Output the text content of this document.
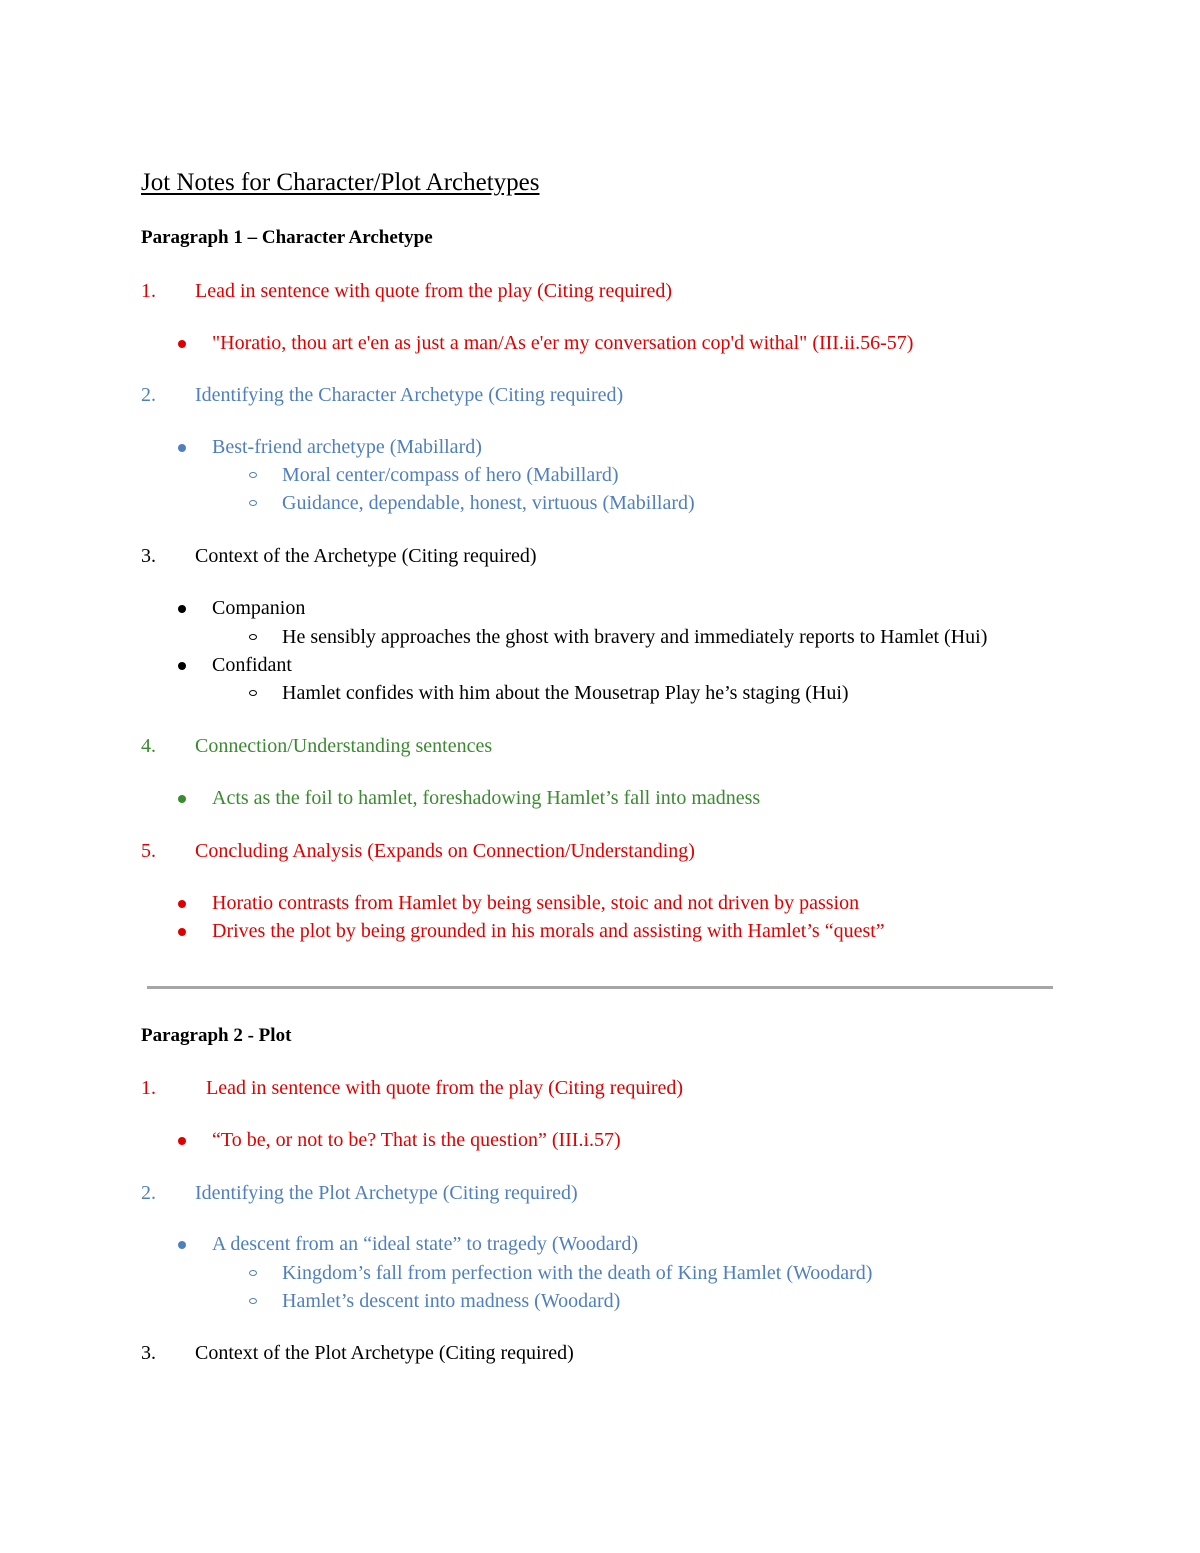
Jot Notes for Character/Plot Archetypes
Paragraph 1 – Character Archetype
1. Lead in sentence with quote from the play (Citing required)
"Horatio, thou art e'en as just a man/As e'er my conversation cop'd withal" (III.ii.56-57)
2. Identifying the Character Archetype (Citing required)
Best-friend archetype (Mabillard)
Moral center/compass of hero (Mabillard)
Guidance, dependable, honest, virtuous (Mabillard)
3. Context of the Archetype (Citing required)
Companion
He sensibly approaches the ghost with bravery and immediately reports to Hamlet (Hui)
Confidant
Hamlet confides with him about the Mousetrap Play he’s staging (Hui)
4. Connection/Understanding sentences
Acts as the foil to hamlet, foreshadowing Hamlet’s fall into madness
5. Concluding Analysis (Expands on Connection/Understanding)
Horatio contrasts from Hamlet by being sensible, stoic and not driven by passion
Drives the plot by being grounded in his morals and assisting with Hamlet’s “quest”
Paragraph 2 - Plot
1.	Lead in sentence with quote from the play (Citing required)
“To be, or not to be? That is the question” (III.i.57)
2. Identifying the Plot Archetype (Citing required)
A descent from an “ideal state” to tragedy (Woodard)
Kingdom’s fall from perfection with the death of King Hamlet (Woodard)
Hamlet’s descent into madness (Woodard)
3. Context of the Plot Archetype (Citing required)
